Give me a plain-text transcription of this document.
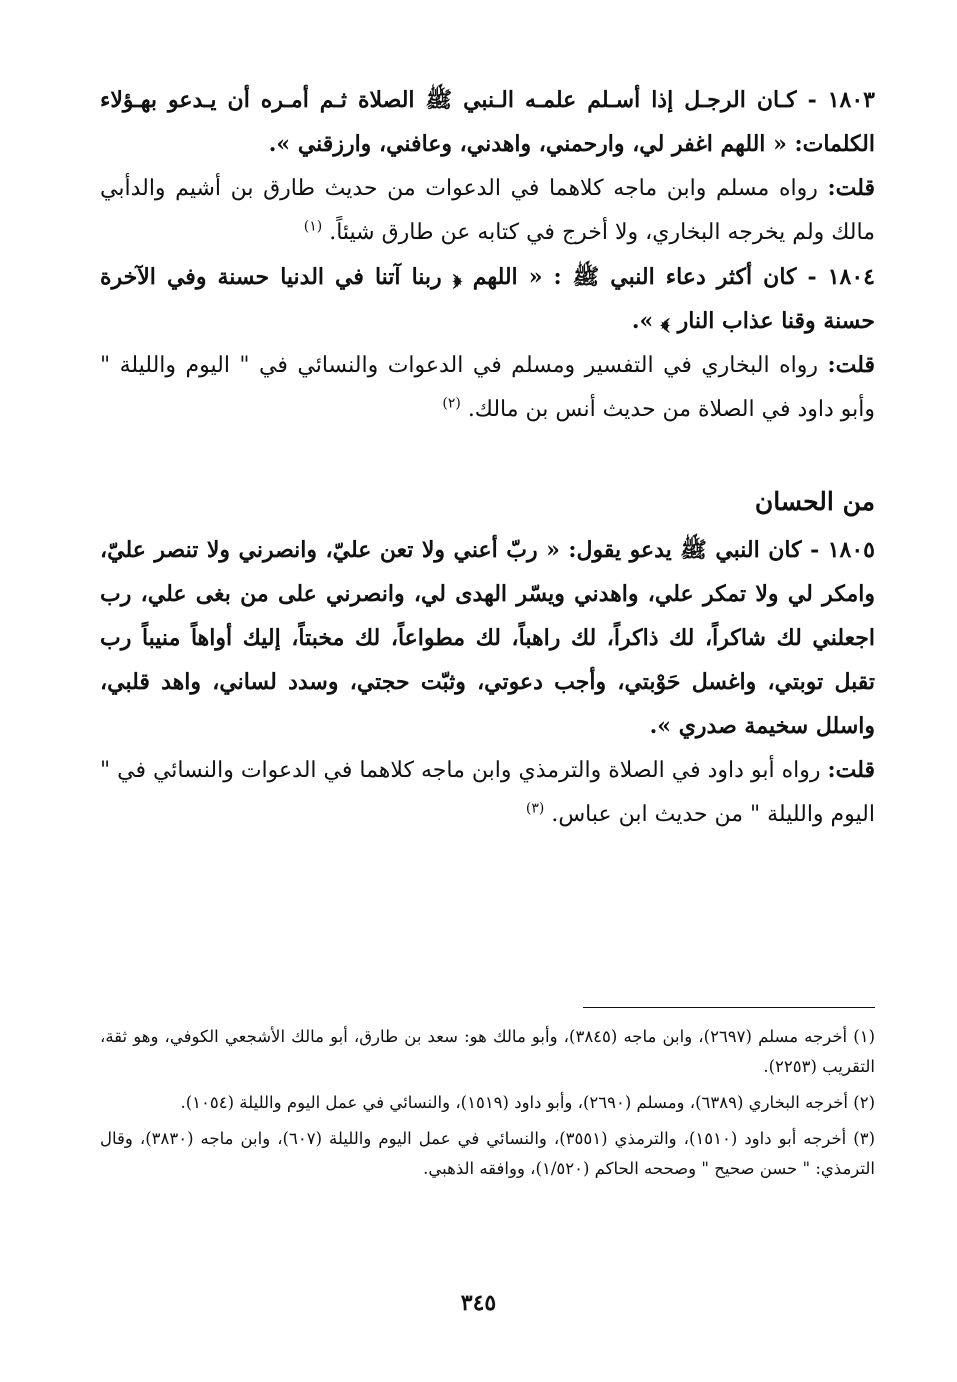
١٨٠٣ - كـان الرجـل إذا أسـلم علمـه الـنبي ﷺ الصلاة ثـم أمـره أن يـدعو بهـؤلاء الكلمات: « اللهم اغفر لي، وارحمني، واهدني، وعافني، وارزقني ».

قلت: رواه مسلم وابن ماجه كلاهما في الدعوات من حديث طارق بن أشيم والدأبي مالك ولم يخرجه البخاري، ولا أخرج في كتابه عن طارق شيئاً. $^{(١)}$

١٨٠٤ - كان أكثر دعاء النبي ﷺ : « اللهم ﴿ ربنا آتنا في الدنيا حسنة وفي الآخرة حسنة وقنا عذاب النار ﴾ ».

قلت: رواه البخاري في التفسير ومسلم في الدعوات والنسائي في " اليوم والليلة " وأبو داود في الصلاة من حديث أنس بن مالك. $^{(٢)}$

من الحسان

١٨٠٥ - كان النبي ﷺ يدعو يقول: « ربّ أعني ولا تعن عليّ، وانصرني ولا تنصر عليّ، وامكر لي ولا تمكر علي، واهدني ويسّر الهدى لي، وانصرني على من بغى علي، رب اجعلني لك شاكراً، لك ذاكراً، لك راهباً، لك مطواعاً، لك مخبتاً، إليك أواهاً منيباً رب تقبل توبتي، واغسل حَوْبتي، وأجب دعوتي، وثبّت حجتي، وسدد لساني، واهد قلبي، واسلل سخيمة صدري ».

قلت: رواه أبو داود في الصلاة والترمذي وابن ماجه كلاهما في الدعوات والنسائي في " اليوم والليلة " من حديث ابن عباس. $^{(٣)}$

(١) أخرجه مسلم (٢٦٩٧)، وابن ماجه (٣٨٤٥)، وأبو مالك هو: سعد بن طارق، أبو مالك الأشجعي الكوفي، وهو ثقة، التقريب (٢٢٥٣).

(٢) أخرجه البخاري (٦٣٨٩)، ومسلم (٢٦٩٠)، وأبو داود (١٥١٩)، والنسائي في عمل اليوم والليلة (١٠٥٤).

(٣) أخرجه أبو داود (١٥١٠)، والترمذي (٣٥٥١)، والنسائي في عمل اليوم والليلة (٦٠٧)، وابن ماجه (٣٨٣٠)، وقال الترمذي: " حسن صحيح " وصححه الحاكم (١/٥٢٠)، ووافقه الذهبي.

٣٤٥
